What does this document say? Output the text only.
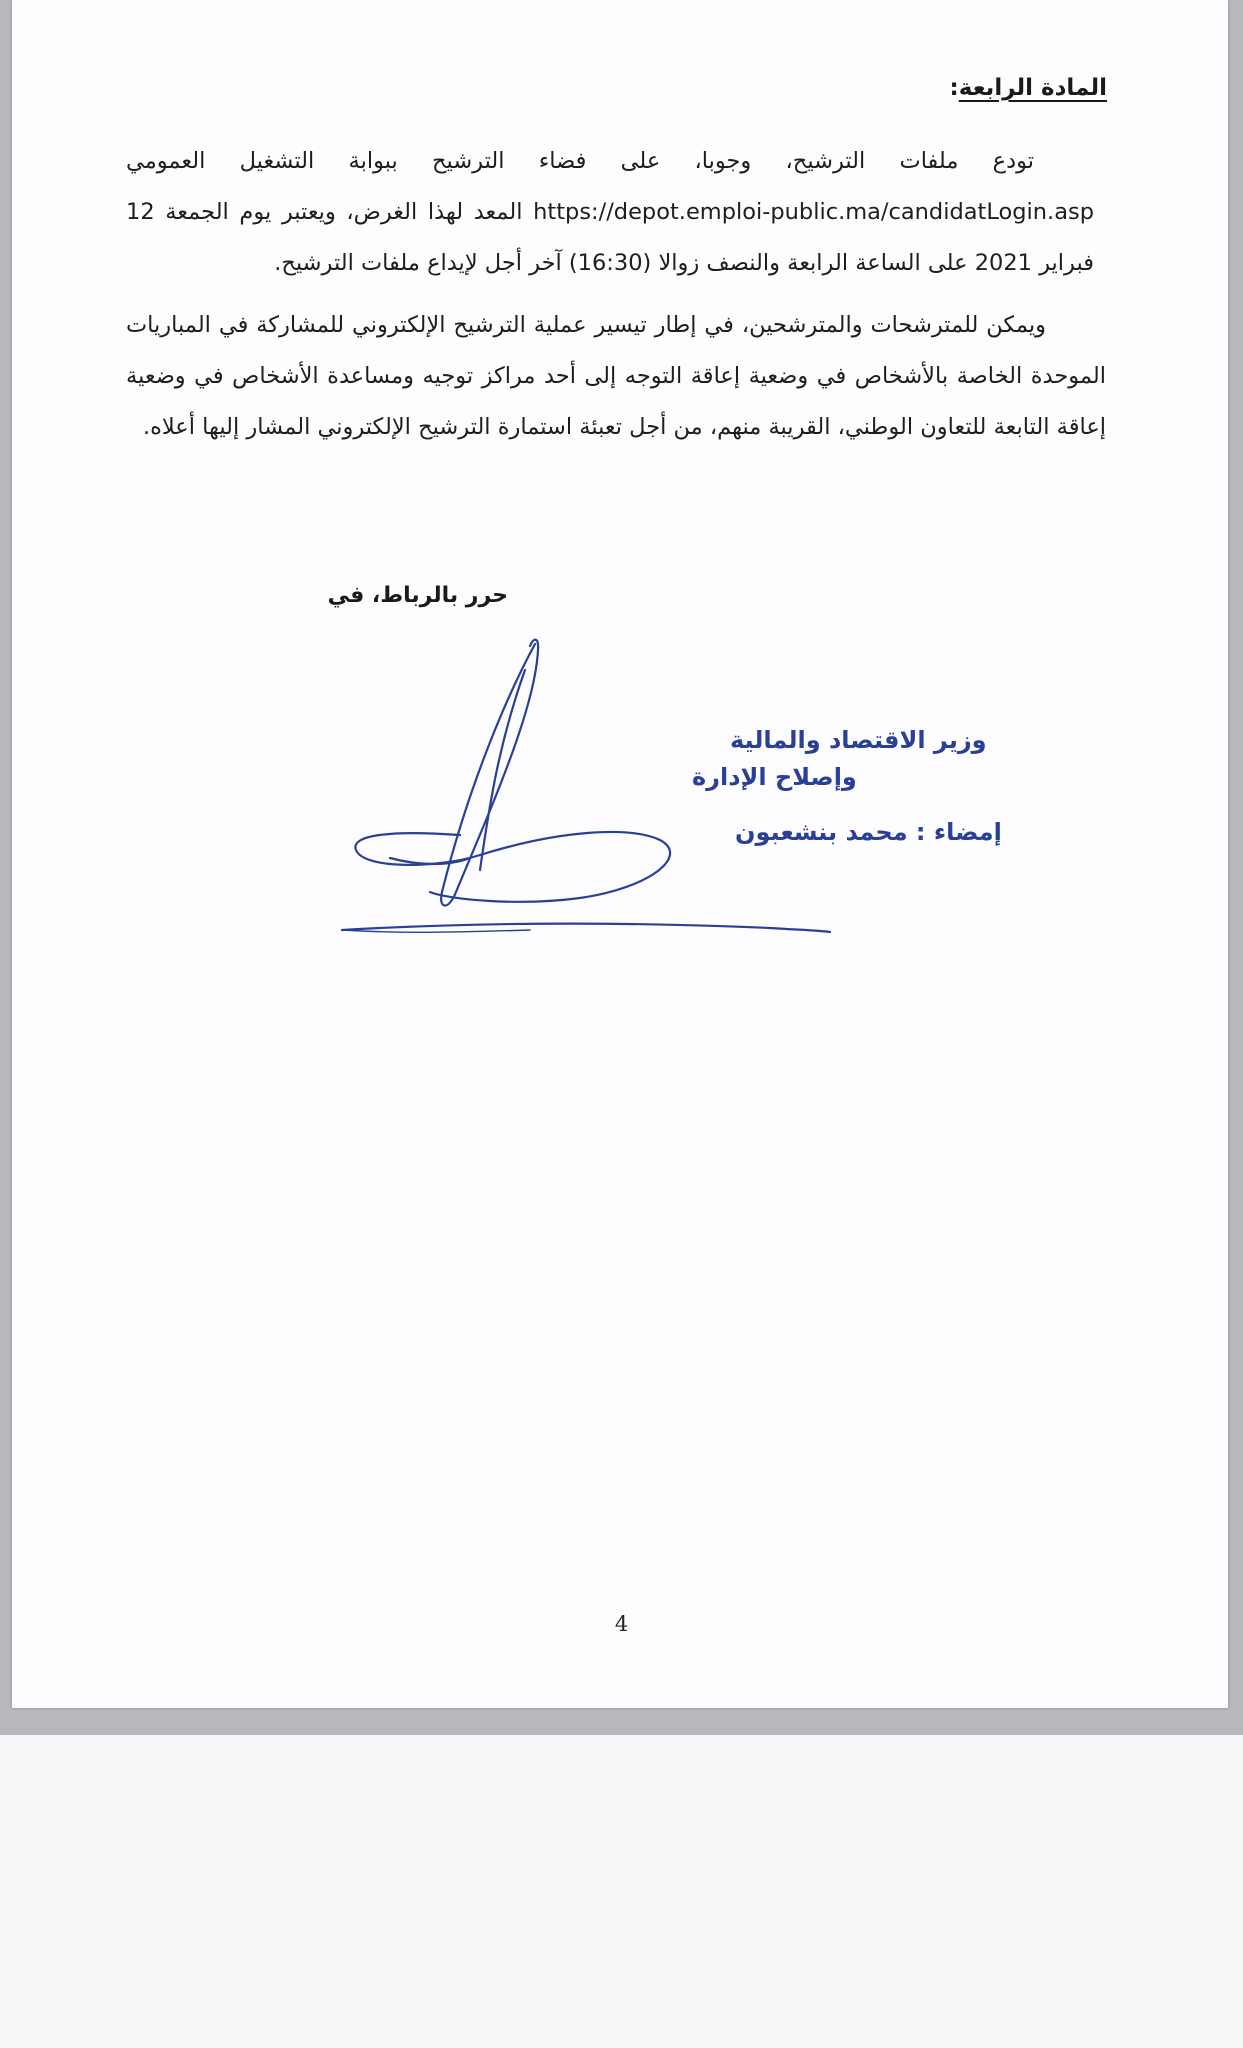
المادة الرابعة:
تودع ملفات الترشيح، وجوبا، على فضاء الترشيح ببوابة التشغيل العمومي https://depot.emploi-public.ma/candidatLogin.asp المعد لهذا الغرض، ويعتبر يوم الجمعة 12 فبراير 2021 على الساعة الرابعة والنصف زوالا (16:30) آخر أجل لإيداع ملفات الترشيح.
ويمكن للمترشحات والمترشحين، في إطار تيسير عملية الترشيح الإلكتروني للمشاركة في المباريات الموحدة الخاصة بالأشخاص في وضعية إعاقة التوجه إلى أحد مراكز توجيه ومساعدة الأشخاص في وضعية إعاقة التابعة للتعاون الوطني، القريبة منهم، من أجل تعبئة استمارة الترشيح الإلكتروني المشار إليها أعلاه.
حرر بالرباط، في
وزير الاقتصاد والمالية
وإصلاح الإدارة
إمضاء : محمد بنشعبون
4
